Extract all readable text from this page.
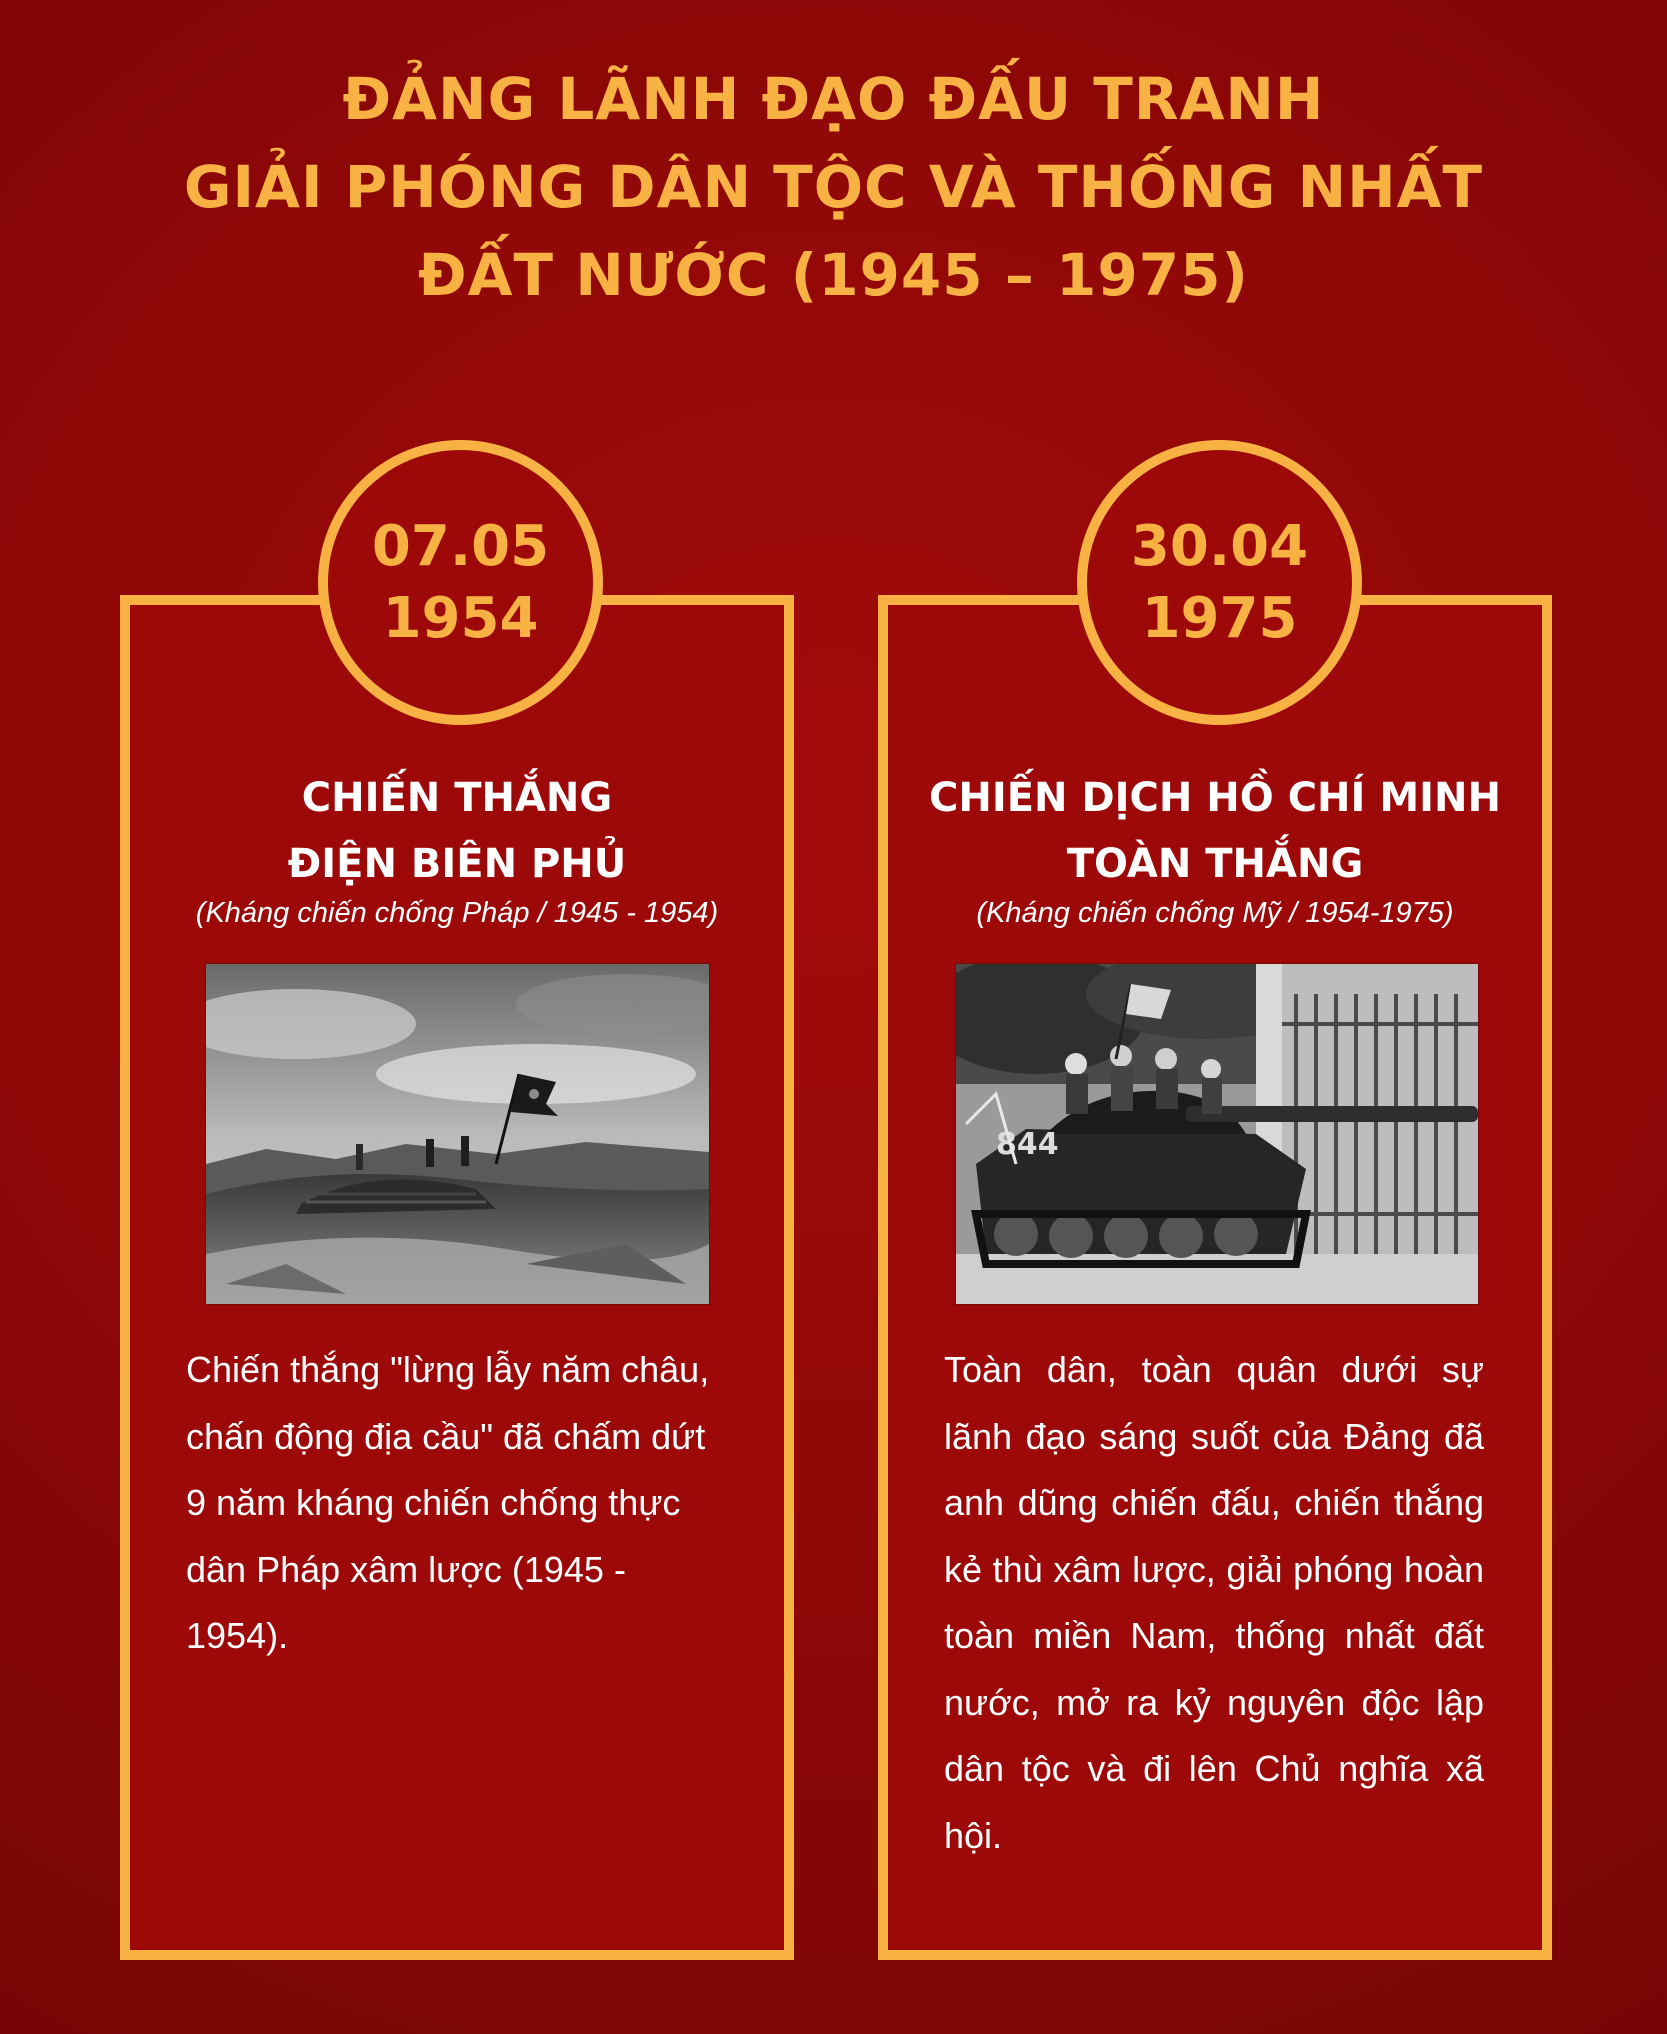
ĐẢNG LÃNH ĐẠO ĐẤU TRANH
GIẢI PHÓNG DÂN TỘC VÀ THỐNG NHẤT
ĐẤT NƯỚC (1945 – 1975)
07.05
1954
CHIẾN THẮNG
ĐIỆN BIÊN PHỦ
(Kháng chiến chống Pháp / 1945 - 1954)
Chiến thắng "lừng lẫy năm châu, chấn động địa cầu" đã chấm dứt 9 năm kháng chiến chống thực dân Pháp xâm lược (1945 - 1954).
30.04
1975
CHIẾN DỊCH HỒ CHÍ MINH
TOÀN THẮNG
(Kháng chiến chống Mỹ / 1954-1975)
844
Toàn dân, toàn quân dưới sự lãnh đạo sáng suốt của Đảng đã anh dũng chiến đấu, chiến thắng kẻ thù xâm lược, giải phóng hoàn toàn miền Nam, thống nhất đất nước, mở ra kỷ nguyên độc lập dân tộc và đi lên Chủ nghĩa xã hội.
